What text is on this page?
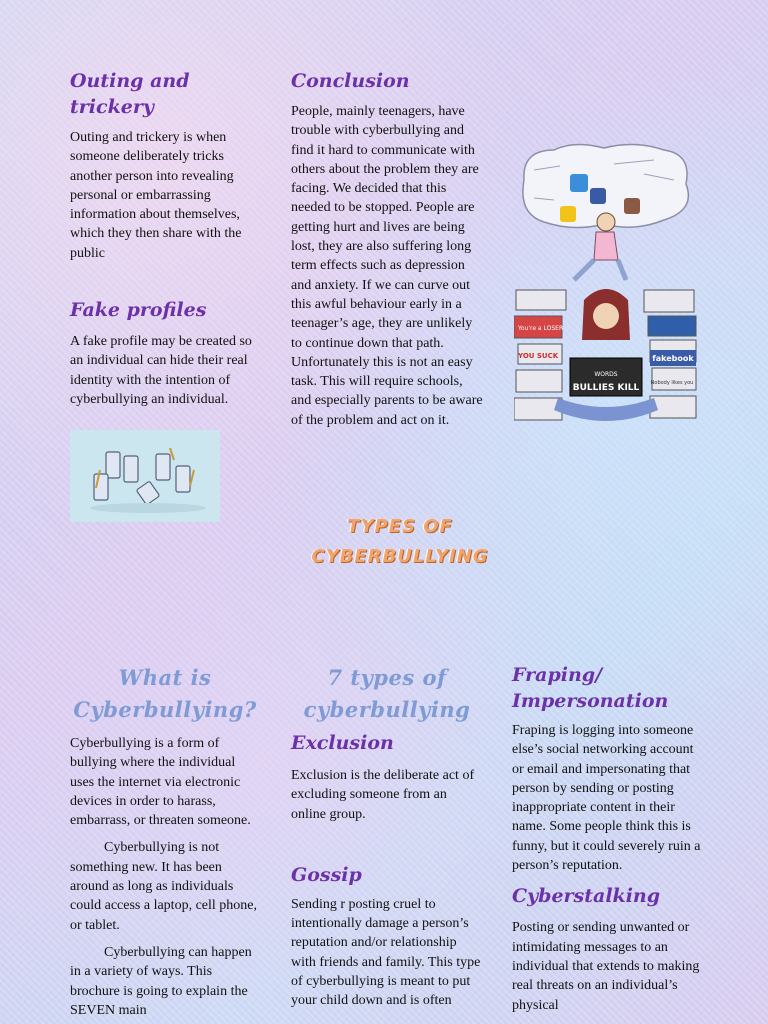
Outing and trickery

Outing and trickery is when someone deliberately tricks another person into revealing personal or embarrassing information about themselves, which they then share with the public

Fake profiles

A fake profile may be created so an individual can hide their real identity with the intention of cyberbullying an individual.

Conclusion

People, mainly teenagers, have trouble with cyberbullying and find it hard to communicate with others about the problem they are facing. We decided that this needed to be stopped. People are getting hurt and lives are being lost, they are also suffering long term effects such as depression and anxiety. If we can curve out this awful behaviour early in a teenager’s age, they are unlikely to continue down that path. Unfortunately this is not an easy task. This will require schools, and especially parents to be aware of the problem and act on it.

TYPES OF CYBERBULLYING
WORDS
BULLIES KILL
You're a LOSER
YOU SUCK	fakebook
Nobody likes you
What is Cyberbullying?

Cyberbullying is a form of bullying where the individual uses the internet via electronic devices in order to harass, embarrass, or threaten someone.

Cyberbullying is not something new. It has been around as long as individuals could access a laptop, cell phone, or tablet.

Cyberbullying can happen in a variety of ways. This brochure is going to explain the SEVEN main

7 types of cyberbullying
Exclusion

Exclusion is the deliberate act of excluding someone from an online group.

Gossip

Sending r posting cruel to intentionally damage a person’s reputation and/or relationship with friends and family. This type of cyberbullying is meant to put your child down and is often

Fraping/ Impersonation

Fraping is logging into someone else’s social networking account or email and impersonating that person by sending or posting inappropriate content in their name. Some people think this is funny, but it could severely ruin a person’s reputation.

Cyberstalking

Posting or sending unwanted or intimidating messages to an individual that extends to making real threats on an individual’s physical
